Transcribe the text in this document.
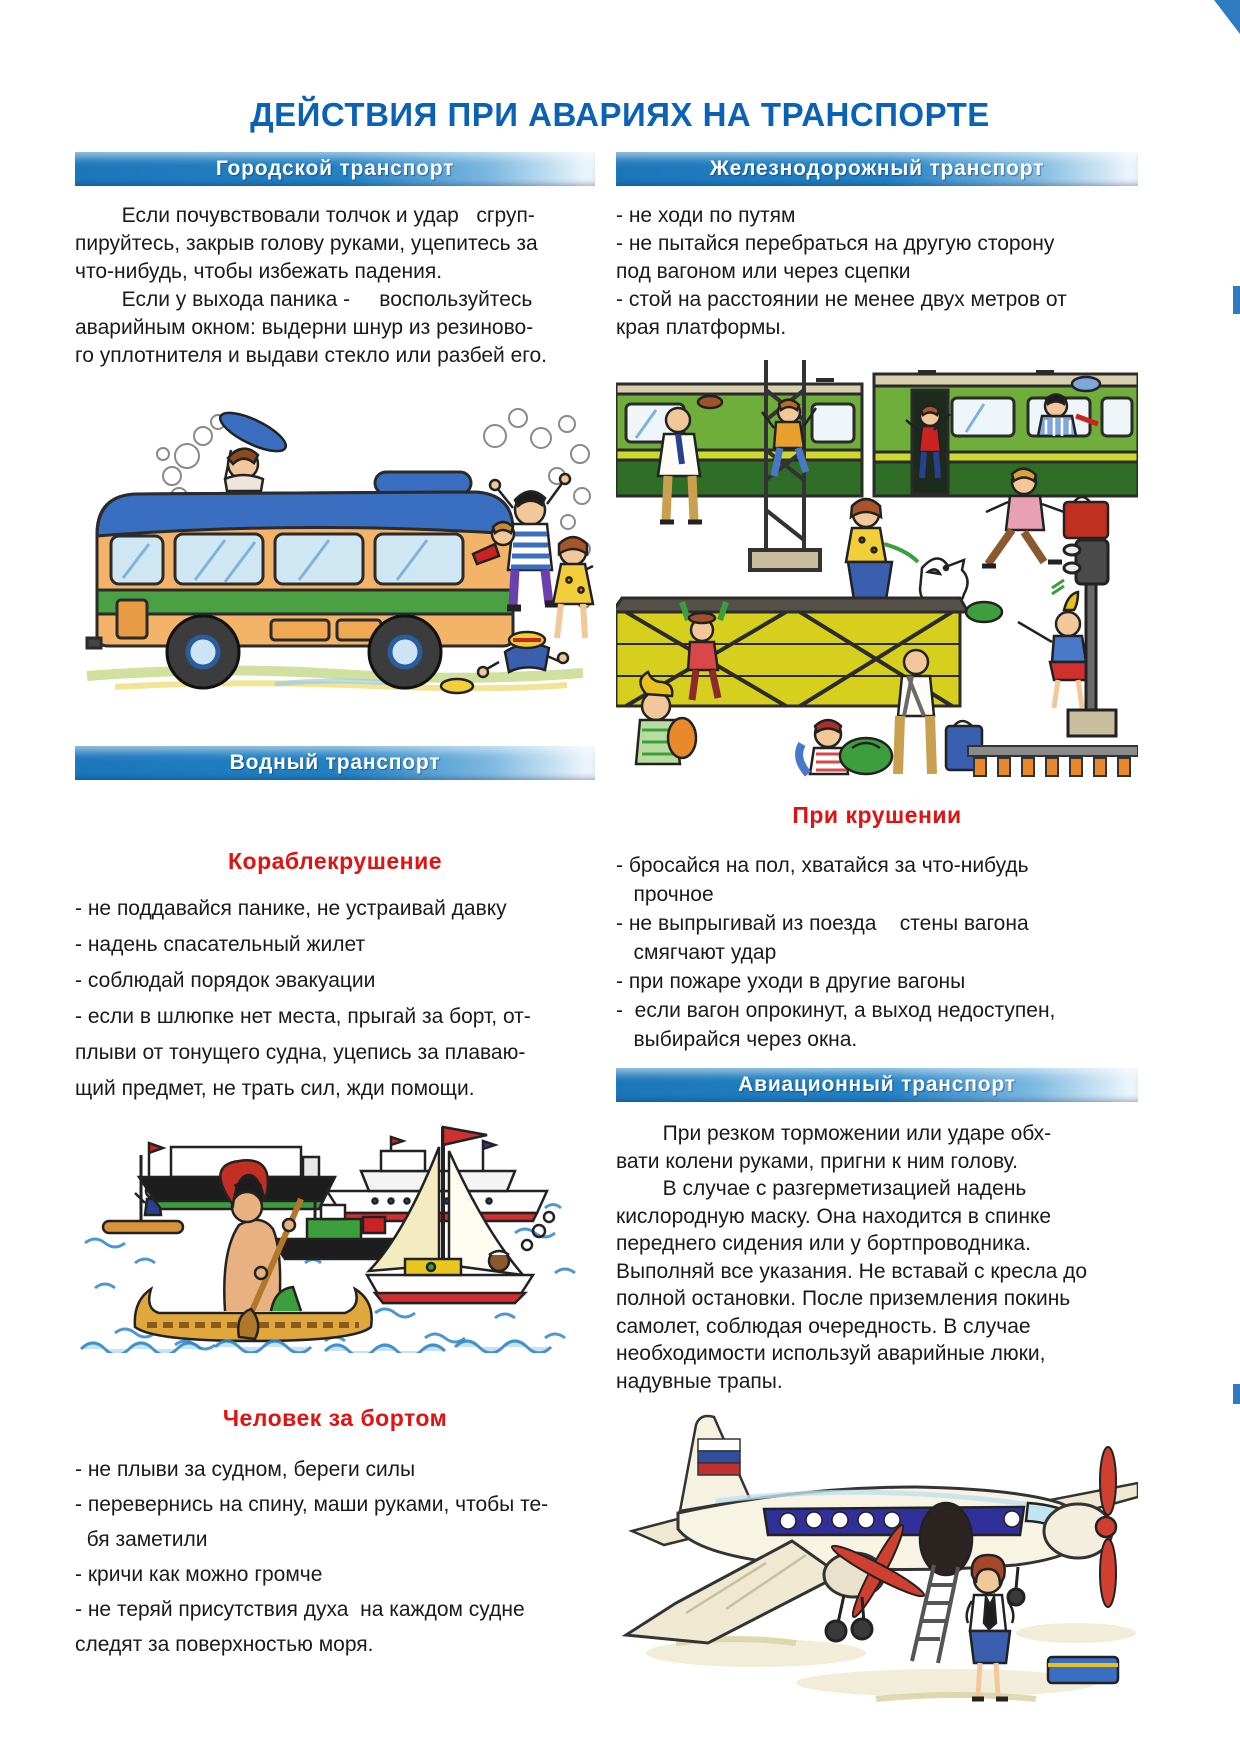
ДЕЙСТВИЯ ПРИ АВАРИЯХ НА ТРАНСПОРТЕ
Городской транспорт
Если почувствовали толчок и удар   сгруп-
пируйтесь, закрыв голову руками, уцепитесь за
что-нибудь, чтобы избежать падения.
Если у выхода паника -     воспользуйтесь
аварийным окном: выдерни шнур из резиново-
го уплотнителя и выдави стекло или разбей его.
Водный транспорт
Кораблекрушение
- не поддавайся панике, не устраивай давку
- надень спасательный жилет
- соблюдай порядок эвакуации
- если в шлюпке нет места, прыгай за борт, от-
плыви от тонущего судна, уцепись за плаваю-
щий предмет, не трать сил, жди помощи.
Человек за бортом
- не плыви за судном, береги силы
- перевернись на спину, маши руками, чтобы те-
бя заметили
- кричи как можно громче
- не теряй присутствия духа  на каждом судне
следят за поверхностью моря.
Железнодорожный транспорт
- не ходи по путям
- не пытайся перебраться на другую сторону
под вагоном или через сцепки
- стой на расстоянии не менее двух метров от
края платформы.
При крушении
- бросайся на пол, хватайся за что-нибудь
прочное
- не выпрыгивай из поезда    стены вагона
смягчают удар
- при пожаре уходи в другие вагоны
-  если вагон опрокинут, а выход недоступен,
выбирайся через окна.
Авиационный транспорт
При резком торможении или ударе обх-
вати колени руками, пригни к ним голову.
В случае с разгерметизацией надень
кислородную маску. Она находится в спинке
переднего сидения или у бортпроводника.
Выполняй все указания. Не вставай с кресла до
полной остановки. После приземления покинь
самолет, соблюдая очередность. В случае
необходимости используй аварийные люки,
надувные трапы.
